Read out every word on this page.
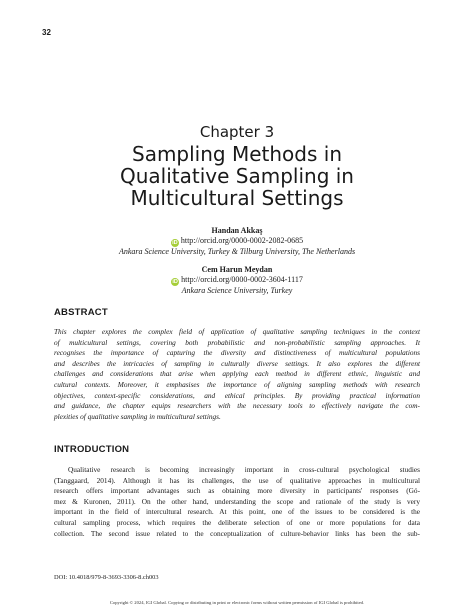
32
Chapter 3
Sampling Methods in
Qualitative Sampling in
Multicultural Settings
Handan Akkaş
iD http://orcid.org/0000-0002-2082-0685
Ankara Science University, Turkey & Tilburg University, The Netherlands
Cem Harun Meydan
iD http://orcid.org/0000-0002-3604-1117
Ankara Science University, Turkey
ABSTRACT
This chapter explores the complex field of application of qualitative sampling techniques in the context
of multicultural settings, covering both probabilistic and non-probabilistic sampling approaches. It
recognises the importance of capturing the diversity and distinctiveness of multicultural populations
and describes the intricacies of sampling in culturally diverse settings. It also explores the different
challenges and considerations that arise when applying each method in different ethnic, linguistic and
cultural contexts. Moreover, it emphasises the importance of aligning sampling methods with research
objectives, context-specific considerations, and ethical principles. By providing practical information
and guidance, the chapter equips researchers with the necessary tools to effectively navigate the com-
plexities of qualitative sampling in multicultural settings.
INTRODUCTION
Qualitative research is becoming increasingly important in cross-cultural psychological studies
(Tanggaard, 2014). Although it has its challenges, the use of qualitative approaches in multicultural
research offers important advantages such as obtaining more diversity in participants' responses (Gó-
mez & Kuronen, 2011). On the other hand, understanding the scope and rationale of the study is very
important in the field of intercultural research. At this point, one of the issues to be considered is the
cultural sampling process, which requires the deliberate selection of one or more populations for data
collection. The second issue related to the conceptualization of culture-behavior links has been the sub-
DOI: 10.4018/979-8-3693-3306-8.ch003
Copyright © 2024, IGI Global. Copying or distributing in print or electronic forms without written permission of IGI Global is prohibited.
